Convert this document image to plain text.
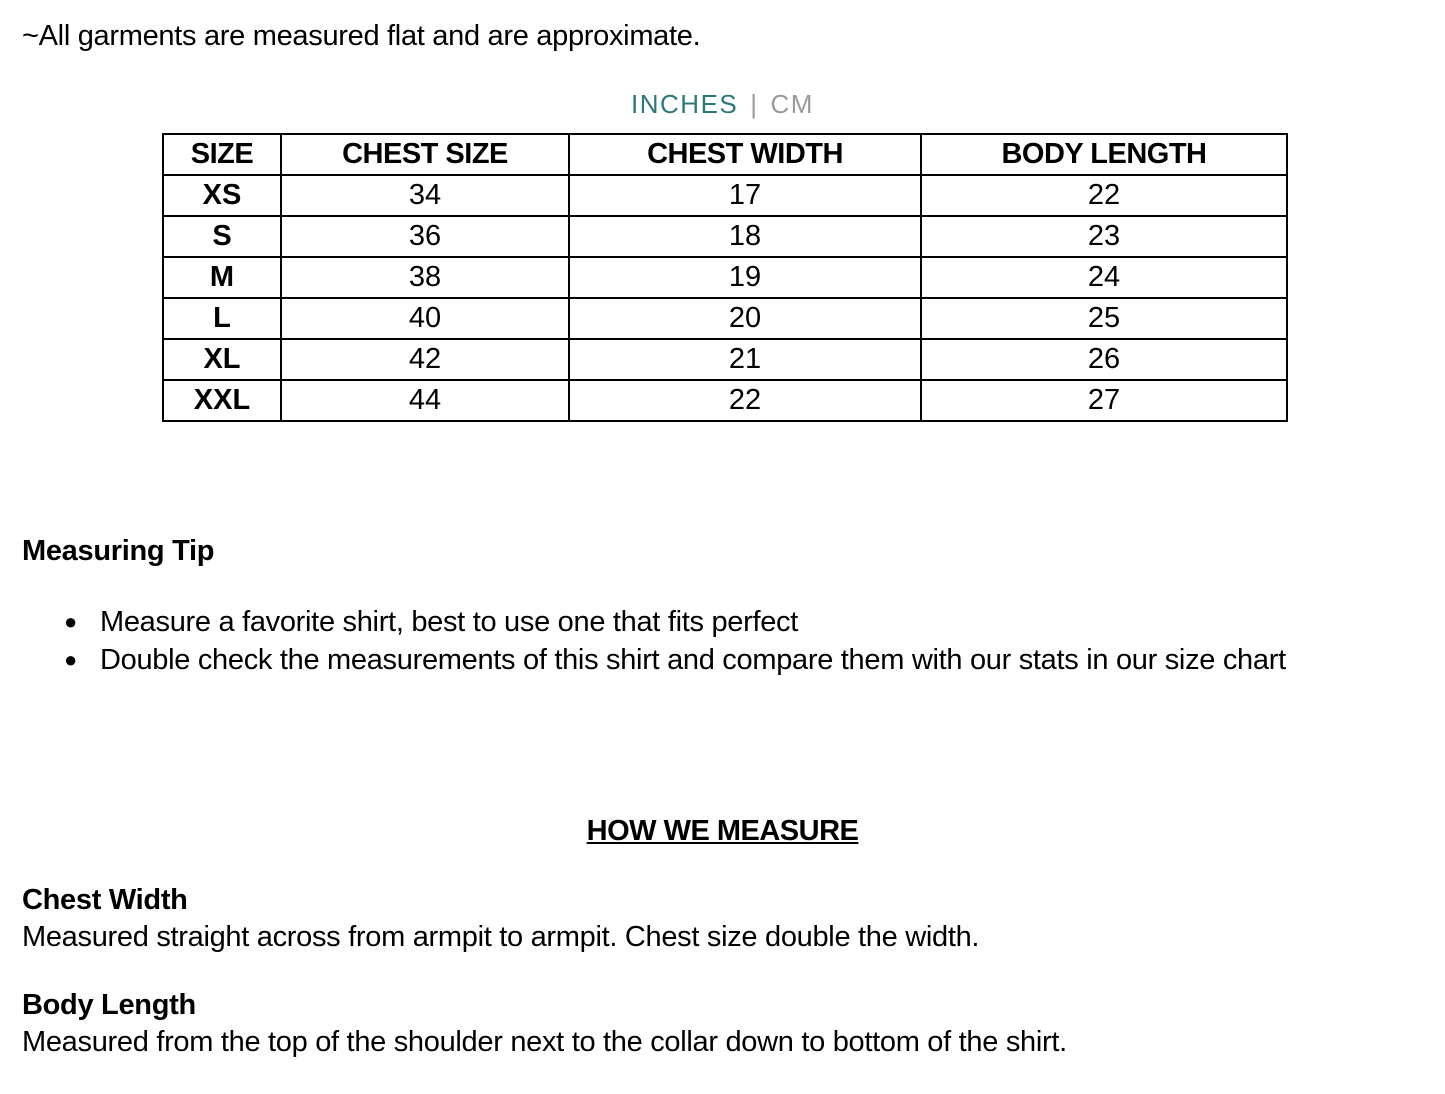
~All garments are measured flat and are approximate.
INCHES | CM
SIZE	CHEST SIZE	CHEST WIDTH	BODY LENGTH
XS	34	17	22
S	36	18	23
M	38	19	24
L	40	20	25
XL	42	21	26
XXL	44	22	27
Measuring Tip
● Measure a favorite shirt, best to use one that fits perfect
● Double check the measurements of this shirt and compare them with our stats in our size chart
HOW WE MEASURE
Chest Width
Measured straight across from armpit to armpit. Chest size double the width.
Body Length
Measured from the top of the shoulder next to the collar down to bottom of the shirt.
